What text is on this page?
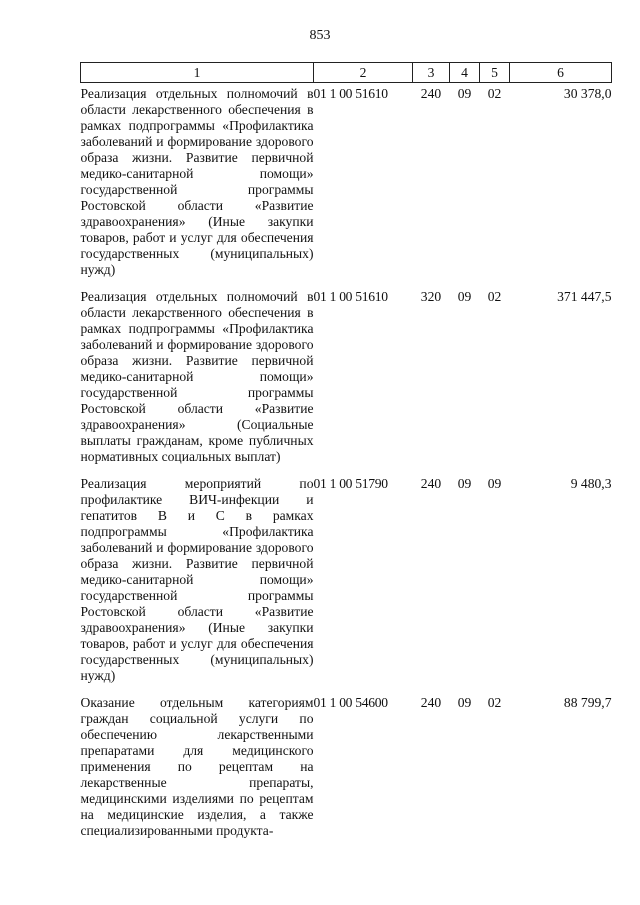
853
1	2	3	4	5	6
Реализация отдельных полномочий в области лекарственного обеспечения в рамках подпрограммы «Профилактика заболеваний и формирование здорового образа жизни. Развитие первичной медико-санитарной помощи» государственной программы Ростовской области «Развитие здравоохранения» (Иные закупки товаров, работ и услуг для обеспечения государственных (муниципальных) нужд)	01 1 00 51610	240	09	02	30 378,0
Реализация отдельных полномочий в области лекарственного обеспечения в рамках подпрограммы «Профилактика заболеваний и формирование здорового образа жизни. Развитие первичной медико-санитарной помощи» государственной программы Ростовской области «Развитие здравоохранения» (Социальные выплаты гражданам, кроме публичных нормативных социальных выплат)	01 1 00 51610	320	09	02	371 447,5
Реализация мероприятий по профилактике ВИЧ-инфекции и гепатитов B и C в рамках подпрограммы «Профилактика заболеваний и формирование здорового образа жизни. Развитие первичной медико-санитарной помощи» государственной программы Ростовской области «Развитие здравоохранения» (Иные закупки товаров, работ и услуг для обеспечения государственных (муниципальных) нужд)	01 1 00 51790	240	09	09	9 480,3
Оказание отдельным категориям граждан социальной услуги по обеспечению лекарственными препаратами для медицинского применения по рецептам на лекарственные препараты, медицинскими изделиями по рецептам на медицинские изделия, а также специализированными продукта-	01 1 00 54600	240	09	02	88 799,7
